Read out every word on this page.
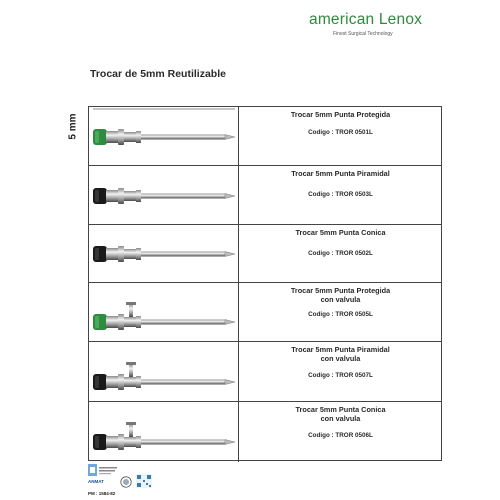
american Lenox
Finest Surgical Technology
Trocar de 5mm Reutilizable
5 mm	Trocar 5mm Punta Protegida
Codigo : TROR 0501L
Trocar 5mm Punta Piramidal
Codigo : TROR 0503L
Trocar 5mm Punta Conica
Codigo : TROR 0502L
Trocar 5mm Punta Protegida
con valvula
Codigo : TROR 0505L
Trocar 5mm Punta Piramidal
con valvula
Codigo : TROR 0507L
Trocar 5mm Punta Conica
con valvula
Codigo : TROR 0506L
ANMAT
PM : 1584-82
